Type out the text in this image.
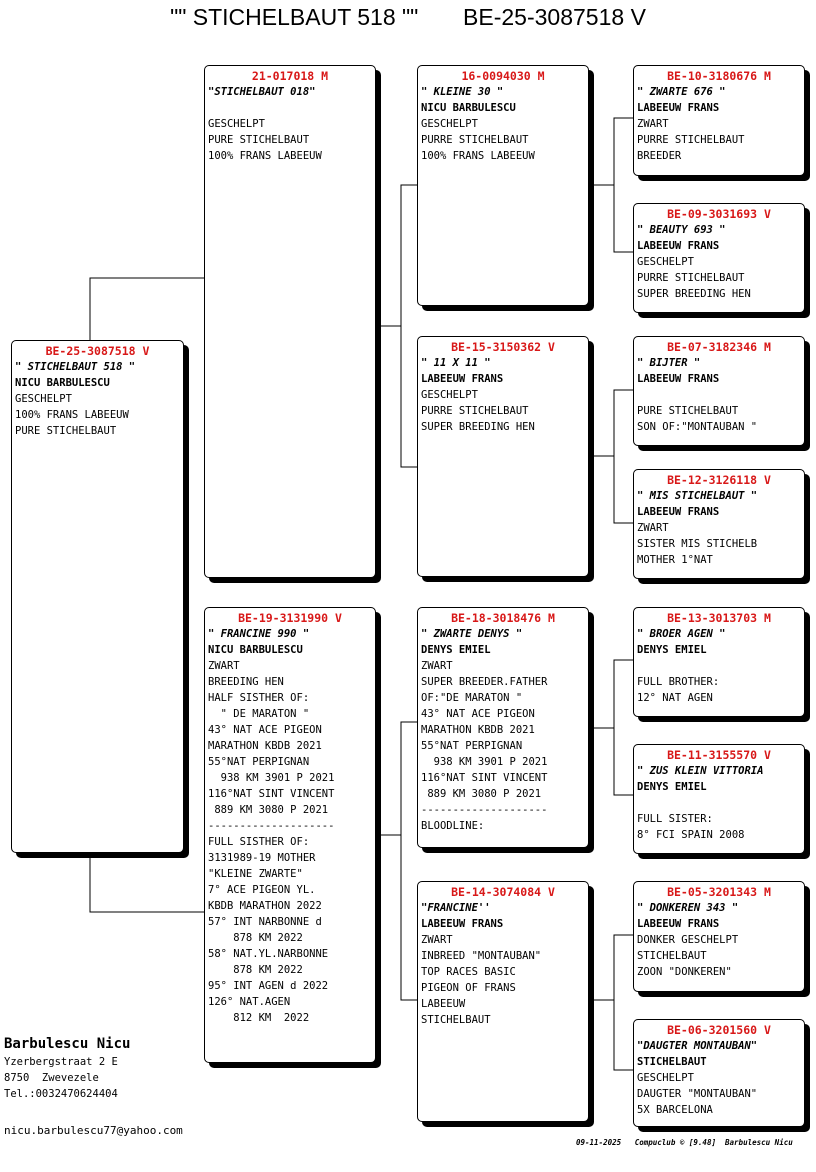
"" STICHELBAUT 518 ""       BE-25-3087518 V
BE-25-3087518 V
" STICHELBAUT 518 "
NICU BARBULESCU
GESCHELPT
100% FRANS LABEEUW
PURE STICHELBAUT
21-017018 M
"STICHELBAUT 018"
GESCHELPT
PURE STICHELBAUT
100% FRANS LABEEUW
BE-19-3131990 V
" FRANCINE 990 "
NICU BARBULESCU
ZWART
BREEDING HEN
HALF SISTHER OF:
" DE MARATON "
43° NAT ACE PIGEON
MARATHON KBDB 2021
55°NAT PERPIGNAN
938 KM 3901 P 2021
116°NAT SINT VINCENT
889 KM 3080 P 2021
--------------------
FULL SISTHER OF:
3131989-19 MOTHER
"KLEINE ZWARTE"
7° ACE PIGEON YL.
KBDB MARATHON 2022
57° INT NARBONNE d
878 KM 2022
58° NAT.YL.NARBONNE
878 KM 2022
95° INT AGEN d 2022
126° NAT.AGEN
812 KM  2022
16-0094030 M
" KLEINE 30 "
NICU BARBULESCU
GESCHELPT
PURRE STICHELBAUT
100% FRANS LABEEUW
BE-15-3150362 V
" 11 X 11 "
LABEEUW FRANS
GESCHELPT
PURRE STICHELBAUT
SUPER BREEDING HEN
BE-18-3018476 M
" ZWARTE DENYS "
DENYS EMIEL
ZWART
SUPER BREEDER.FATHER
OF:"DE MARATON "
43° NAT ACE PIGEON
MARATHON KBDB 2021
55°NAT PERPIGNAN
938 KM 3901 P 2021
116°NAT SINT VINCENT
889 KM 3080 P 2021
--------------------
BLOODLINE:
BE-14-3074084 V
"FRANCINE''
LABEEUW FRANS
ZWART
INBREED "MONTAUBAN"
TOP RACES BASIC
PIGEON OF FRANS
LABEEUW
STICHELBAUT
BE-10-3180676 M
" ZWARTE 676 "
LABEEUW FRANS
ZWART
PURRE STICHELBAUT
BREEDER
BE-09-3031693 V
" BEAUTY 693 "
LABEEUW FRANS
GESCHELPT
PURRE STICHELBAUT
SUPER BREEDING HEN
BE-07-3182346 M
" BIJTER "
LABEEUW FRANS
PURE STICHELBAUT
SON OF:"MONTAUBAN "
BE-12-3126118 V
" MIS STICHELBAUT "
LABEEUW FRANS
ZWART
SISTER MIS STICHELB
MOTHER 1°NAT
BE-13-3013703 M
" BROER AGEN "
DENYS EMIEL
FULL BROTHER:
12° NAT AGEN
BE-11-3155570 V
" ZUS KLEIN VITTORIA
DENYS EMIEL
FULL SISTER:
8° FCI SPAIN 2008
BE-05-3201343 M
" DONKEREN 343 "
LABEEUW FRANS
DONKER GESCHELPT
STICHELBAUT
ZOON "DONKEREN"
BE-06-3201560 V
"DAUGTER MONTAUBAN"
STICHELBAUT
GESCHELPT
DAUGTER "MONTAUBAN"
5X BARCELONA
Barbulescu Nicu
Yzerbergstraat 2 E
8750  Zwevezele
Tel.:0032470624404
nicu.barbulescu77@yahoo.com
09-11-2025   Compuclub © [9.48]  Barbulescu Nicu
